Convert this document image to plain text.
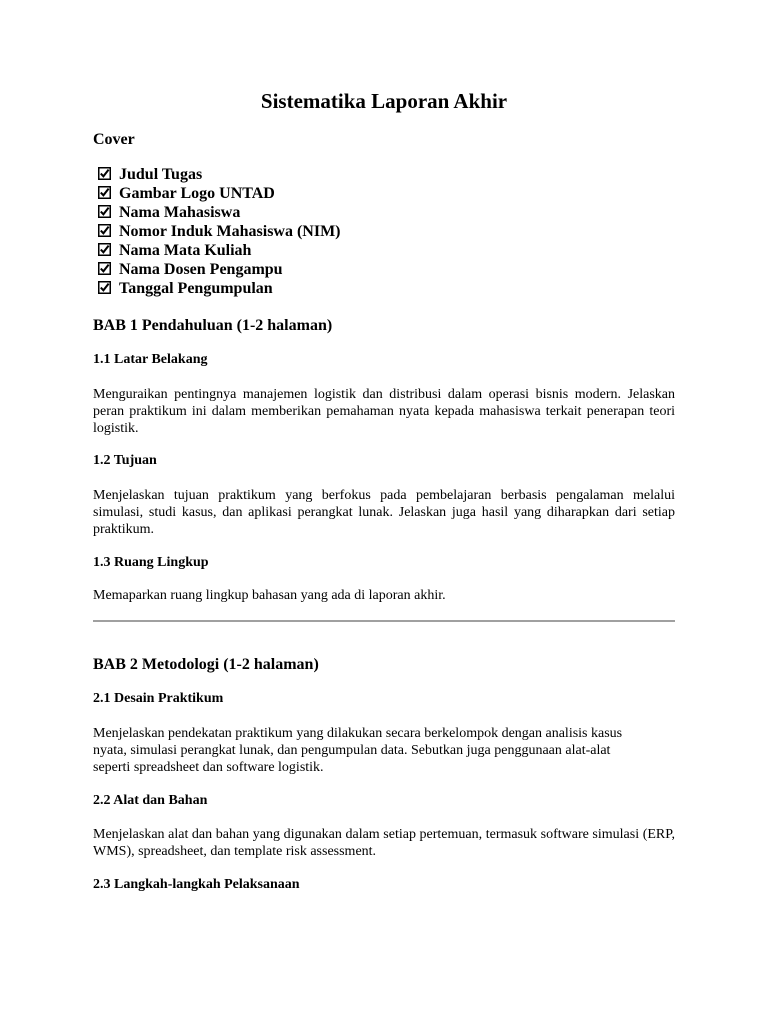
Sistematika Laporan Akhir
Cover
Judul Tugas
Gambar Logo UNTAD
Nama Mahasiswa
Nomor Induk Mahasiswa (NIM)
Nama Mata Kuliah
Nama Dosen Pengampu
Tanggal Pengumpulan
BAB 1 Pendahuluan (1-2 halaman)
1.1 Latar Belakang

Menguraikan pentingnya manajemen logistik dan distribusi dalam operasi bisnis modern. Jelaskan peran praktikum ini dalam memberikan pemahaman nyata kepada mahasiswa terkait penerapan teori logistik.

1.2 Tujuan

Menjelaskan tujuan praktikum yang berfokus pada pembelajaran berbasis pengalaman melalui simulasi, studi kasus, dan aplikasi perangkat lunak. Jelaskan juga hasil yang diharapkan dari setiap praktikum.

1.3 Ruang Lingkup

Memaparkan ruang lingkup bahasan yang ada di laporan akhir.

BAB 2 Metodologi (1-2 halaman)
2.1 Desain Praktikum

Menjelaskan pendekatan praktikum yang dilakukan secara berkelompok dengan analisis kasus nyata, simulasi perangkat lunak, dan pengumpulan data. Sebutkan juga penggunaan alat-alat seperti spreadsheet dan software logistik.

2.2 Alat dan Bahan

Menjelaskan alat dan bahan yang digunakan dalam setiap pertemuan, termasuk software simulasi (ERP, WMS), spreadsheet, dan template risk assessment.

2.3 Langkah-langkah Pelaksanaan
